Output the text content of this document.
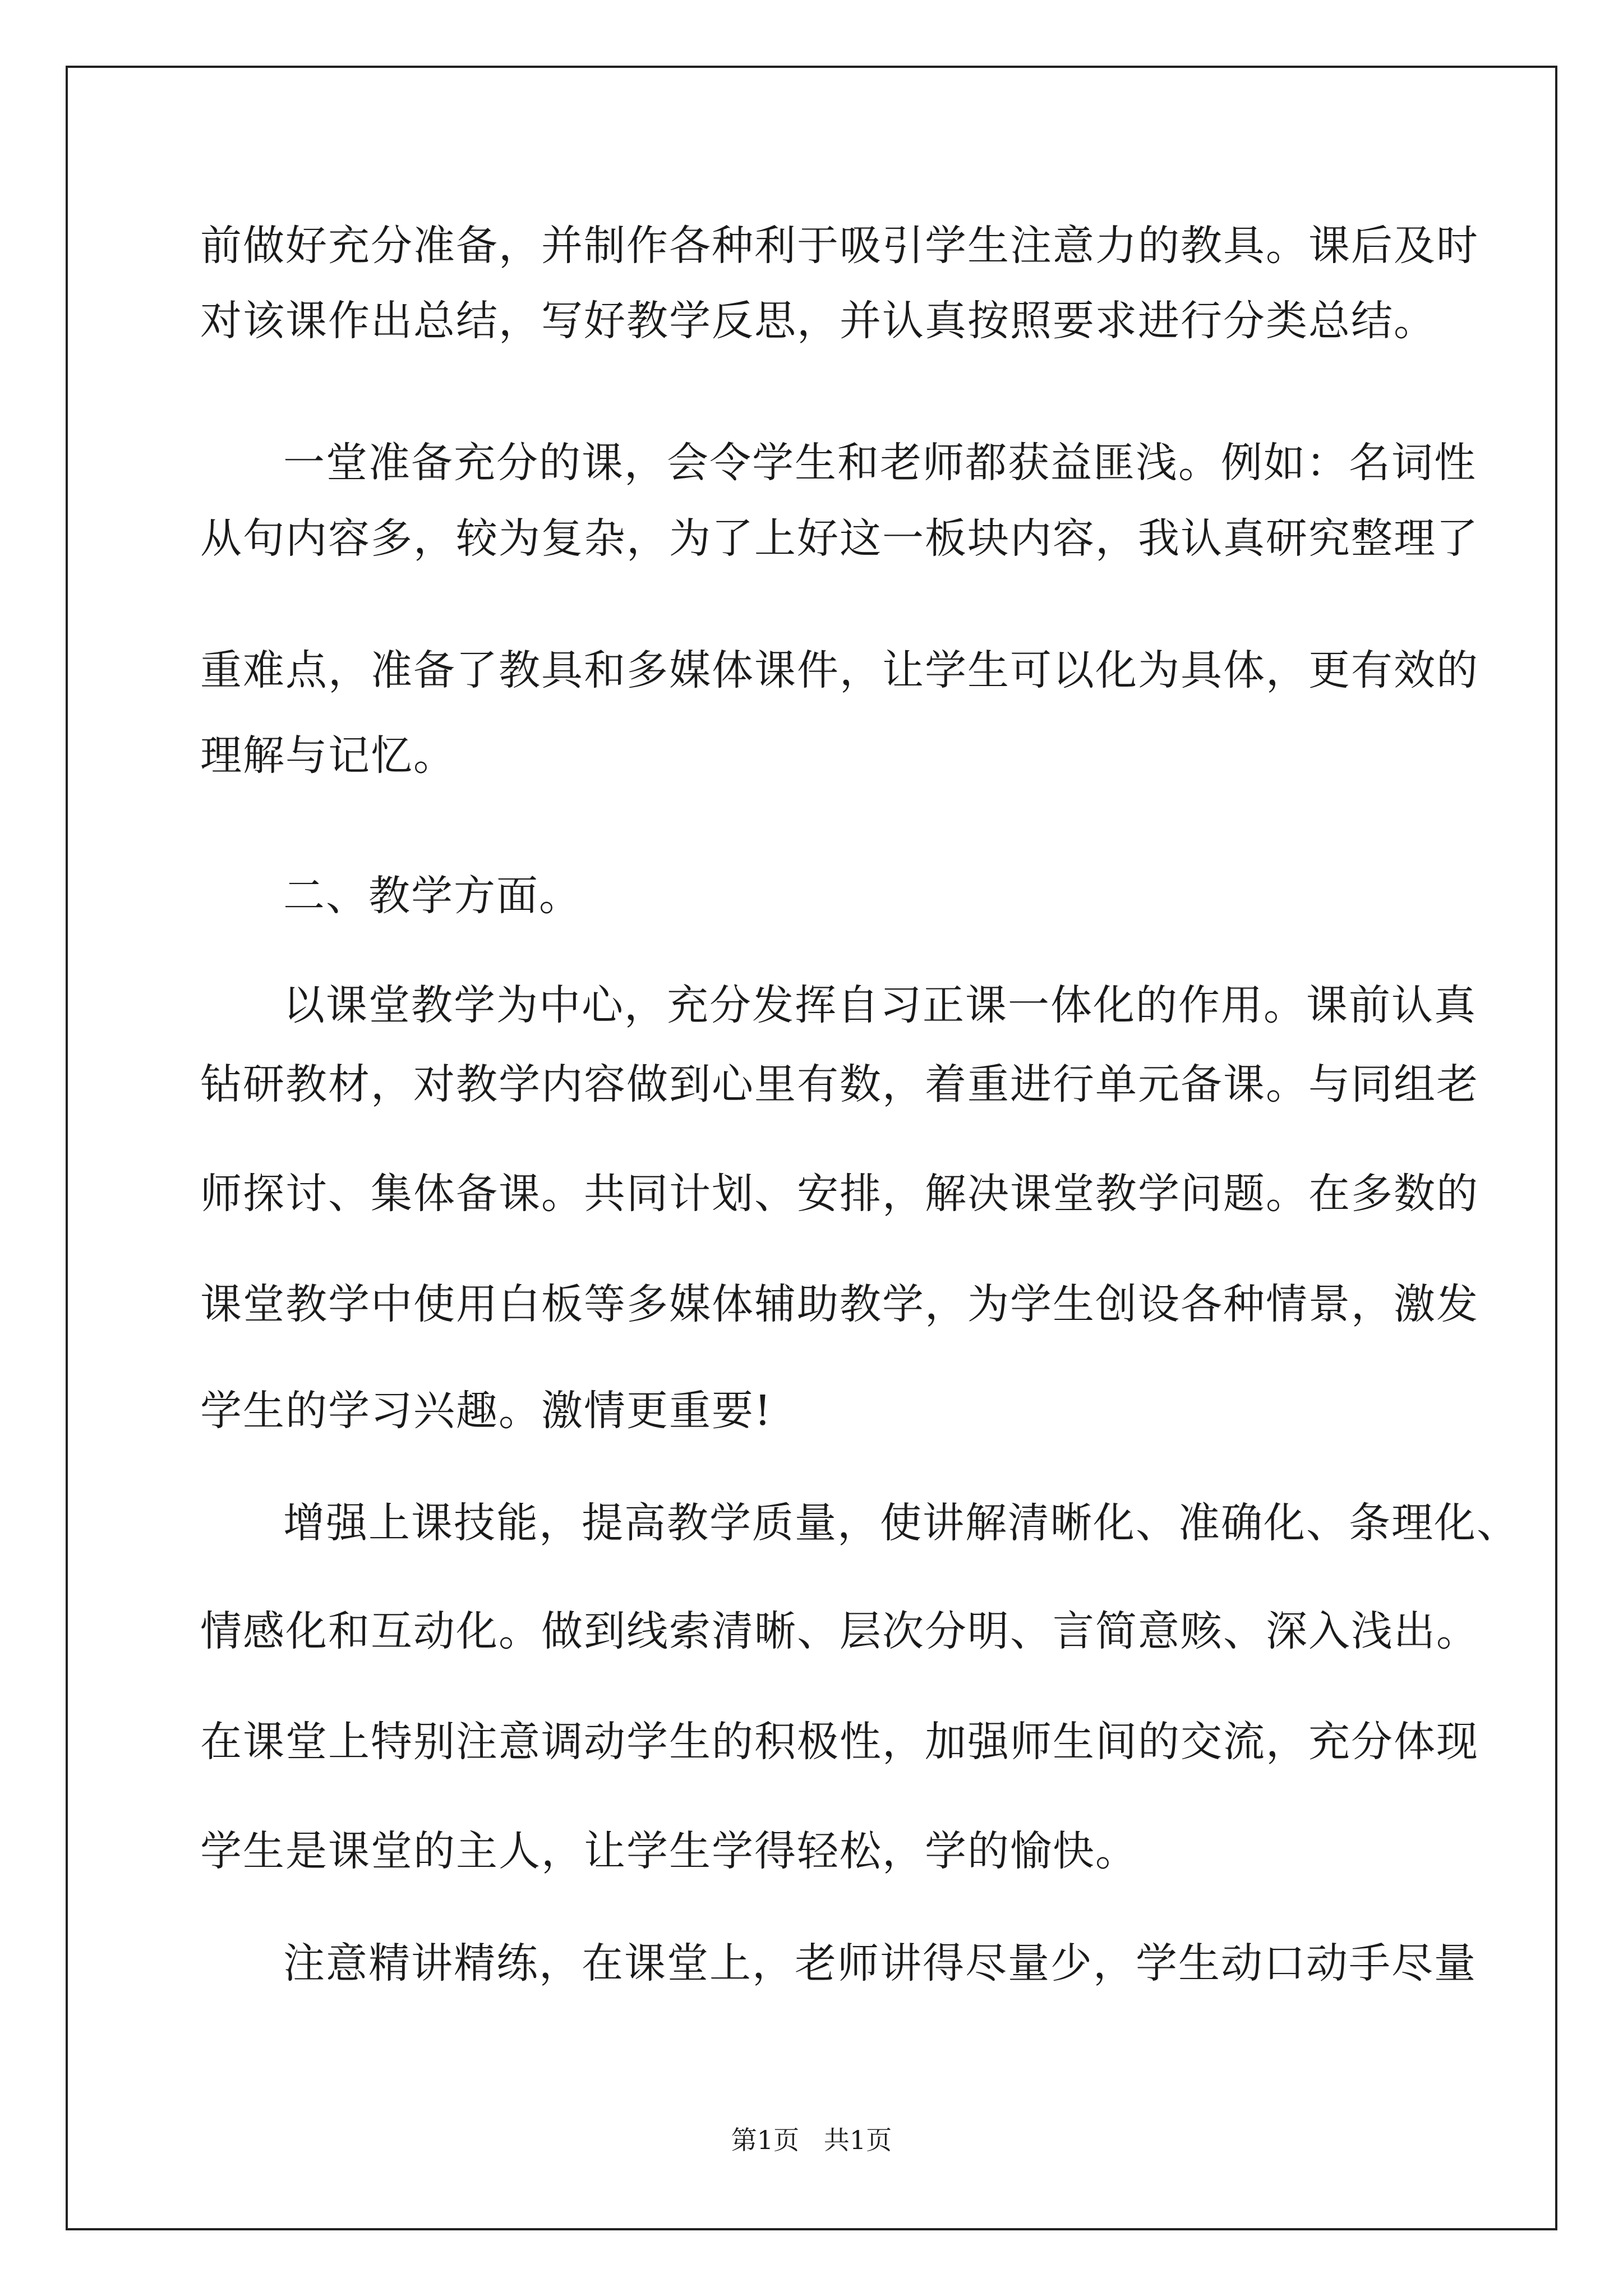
前做好充分准备，并制作各种利于吸引学生注意力的教具。课后及时
对该课作出总结，写好教学反思，并认真按照要求进行分类总结。
一堂准备充分的课，会令学生和老师都获益匪浅。例如：名词性
从句内容多，较为复杂，为了上好这一板块内容，我认真研究整理了
重难点，准备了教具和多媒体课件，让学生可以化为具体，更有效的
理解与记忆。
二、教学方面。
以课堂教学为中心，充分发挥自习正课一体化的作用。课前认真
钻研教材，对教学内容做到心里有数，着重进行单元备课。与同组老
师探讨、集体备课。共同计划、安排，解决课堂教学问题。在多数的
课堂教学中使用白板等多媒体辅助教学，为学生创设各种情景，激发
学生的学习兴趣。激情更重要!
增强上课技能，提高教学质量，使讲解清晰化、准确化、条理化、
情感化和互动化。做到线索清晰、层次分明、言简意赅、深入浅出。
在课堂上特别注意调动学生的积极性，加强师生间的交流，充分体现
学生是课堂的主人，让学生学得轻松，学的愉快。
注意精讲精练，在课堂上，老师讲得尽量少，学生动口动手尽量
第1页   共1页
